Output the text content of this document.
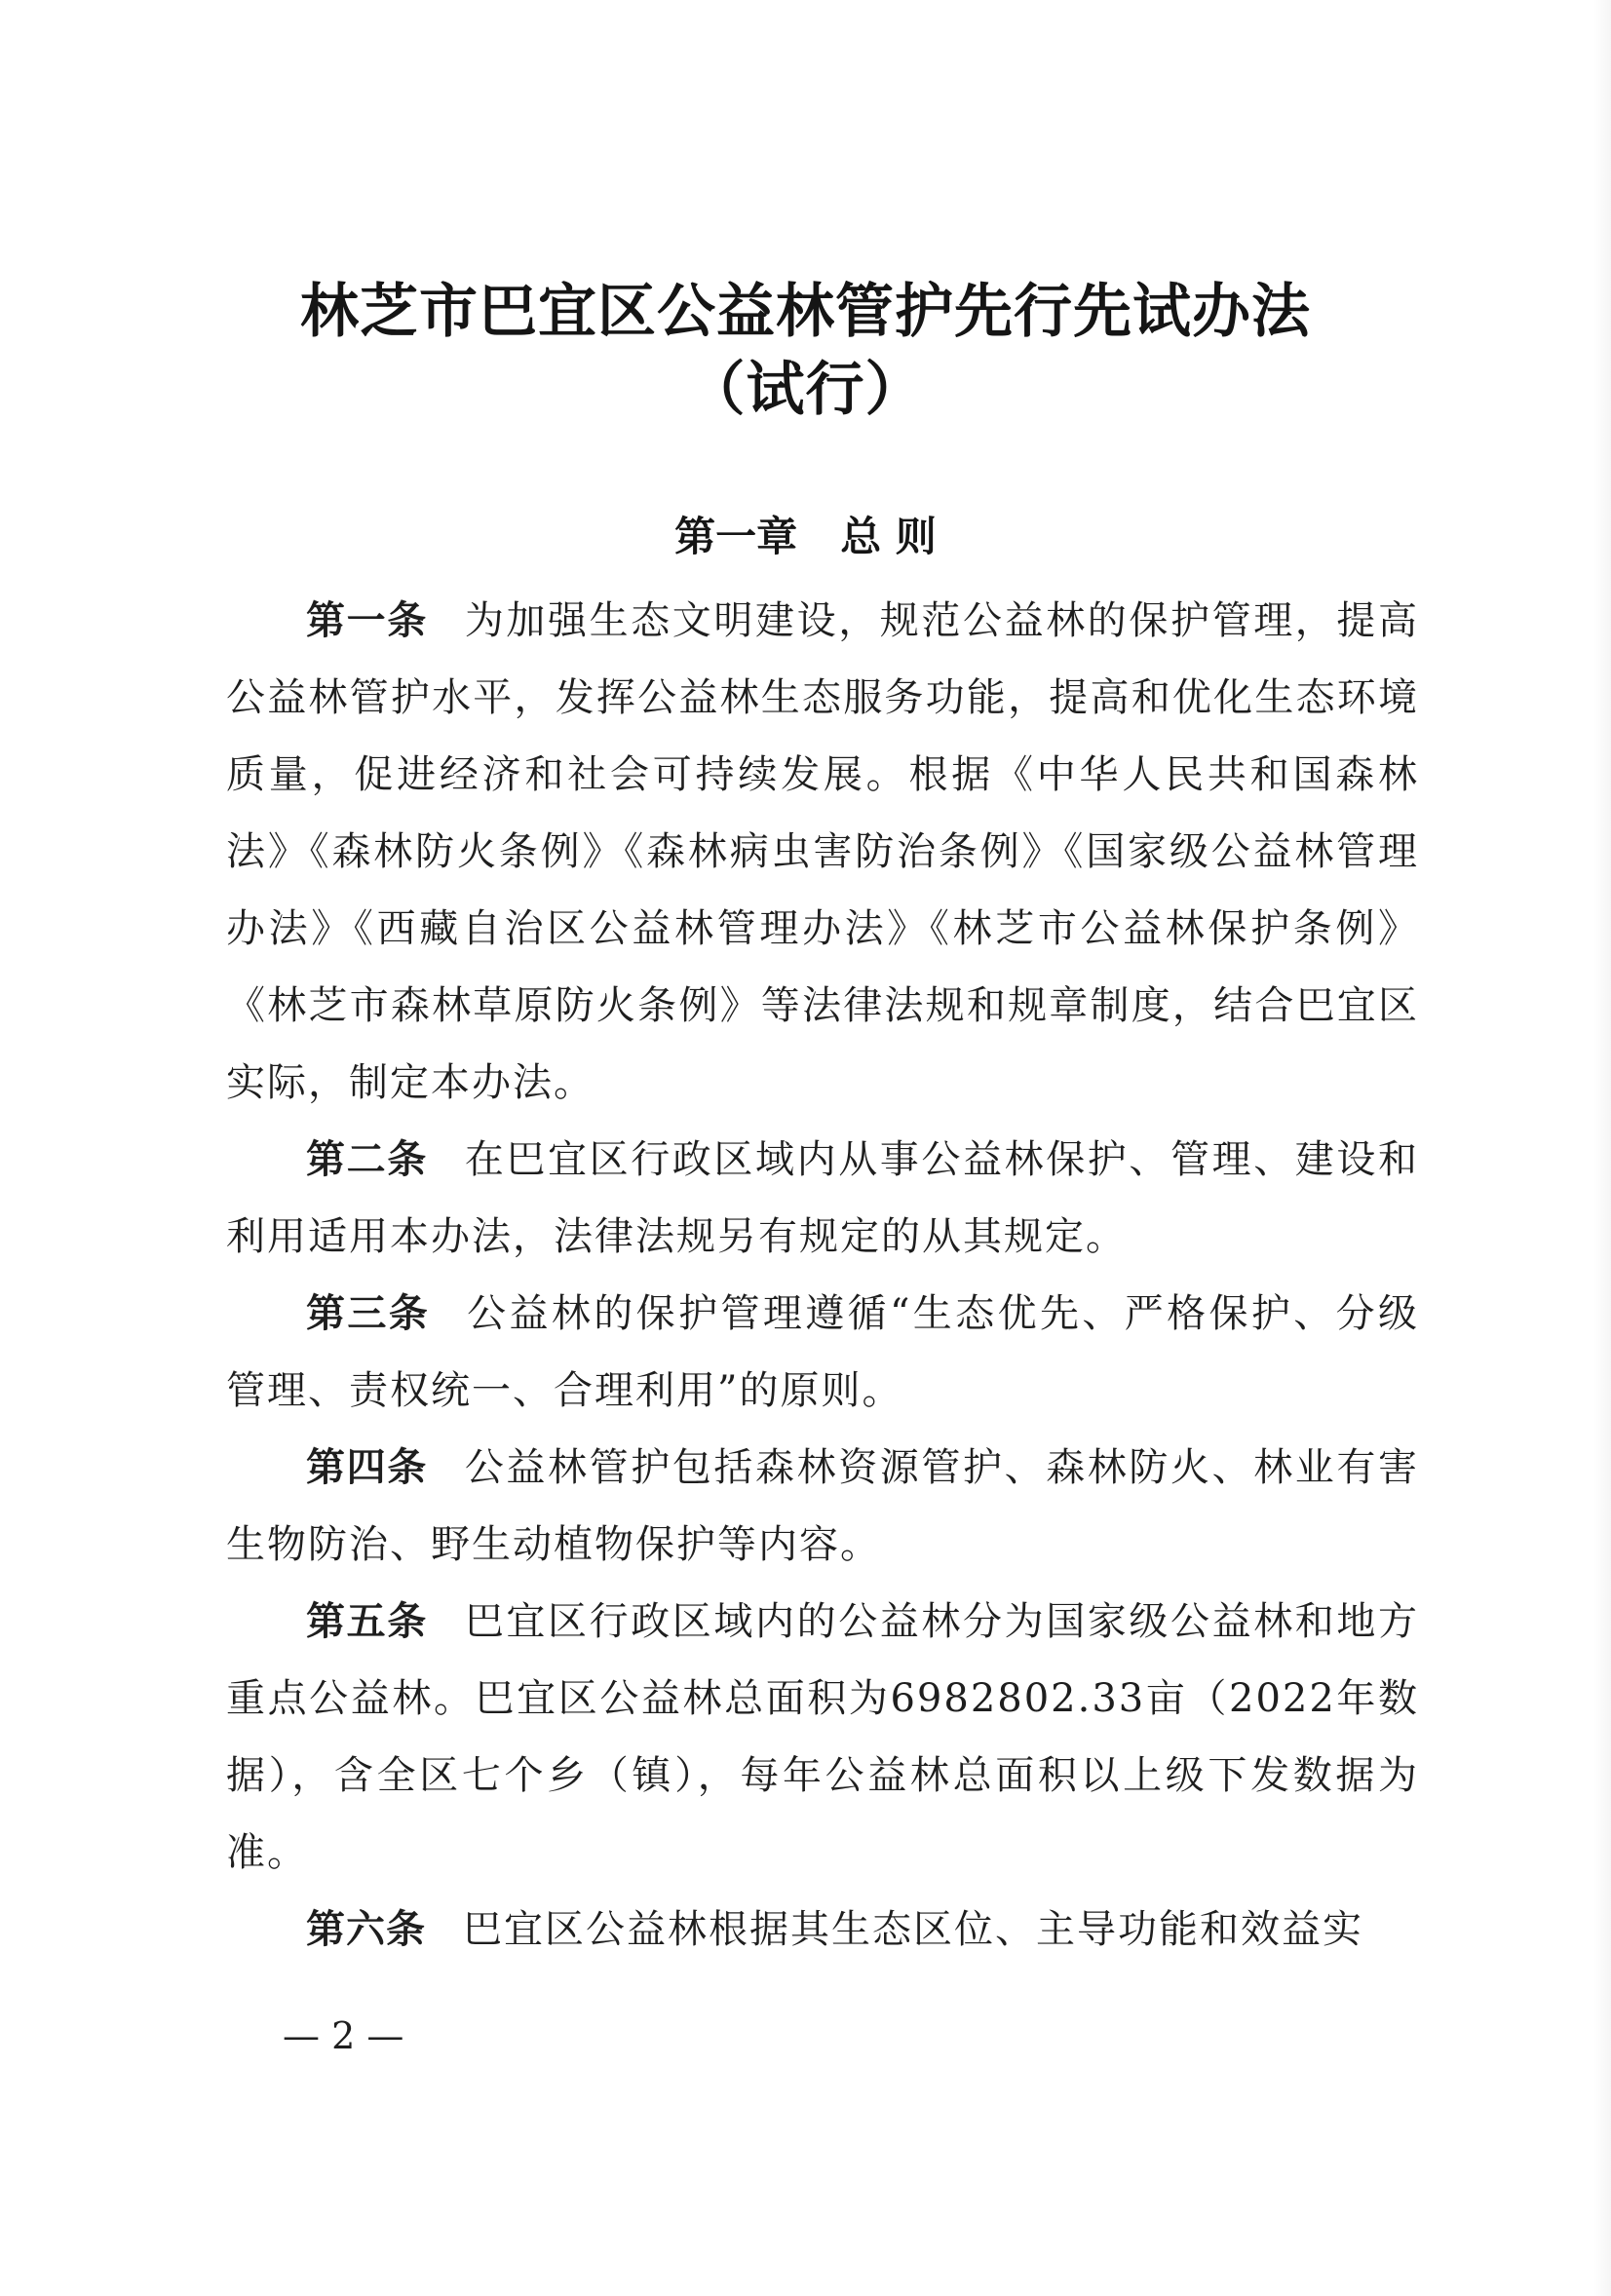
林芝市巴宜区公益林管护先行先试办法
（试行）
第一章 总 则

第一条 为加强生态文明建设，规范公益林的保护管理，提高公益林管护水平，发挥公益林生态服务功能，提高和优化生态环境质量，促进经济和社会可持续发展。根据《中华人民共和国森林法》《森林防火条例》《森林病虫害防治条例》《国家级公益林管理办法》《西藏自治区公益林管理办法》《林芝市公益林保护条例》《林芝市森林草原防火条例》等法律法规和规章制度，结合巴宜区实际，制定本办法。

第二条 在巴宜区行政区域内从事公益林保护、管理、建设和利用适用本办法，法律法规另有规定的从其规定。

第三条 公益林的保护管理遵循“生态优先、严格保护、分级管理、责权统一、合理利用”的原则。

第四条 公益林管护包括森林资源管护、森林防火、林业有害生物防治、野生动植物保护等内容。

第五条 巴宜区行政区域内的公益林分为国家级公益林和地方重点公益林。巴宜区公益林总面积为6982802.33亩（2022年数据），含全区七个乡（镇），每年公益林总面积以上级下发数据为准。

第六条 巴宜区公益林根据其生态区位、主导功能和效益实

— 2 —
